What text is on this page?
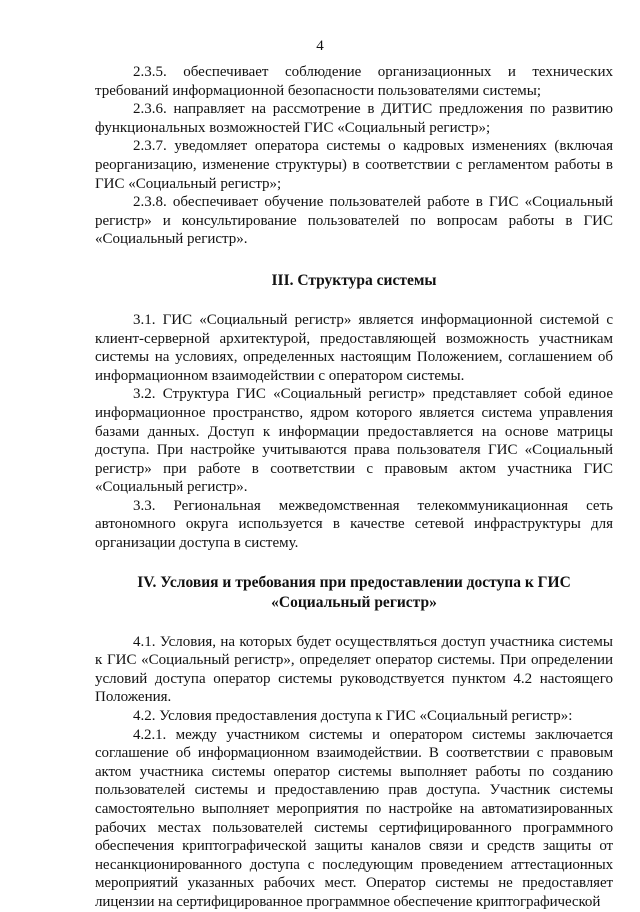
4

2.3.5. обеспечивает соблюдение организационных и технических требований информационной безопасности пользователями системы;

2.3.6. направляет на рассмотрение в ДИТИС предложения по развитию функциональных возможностей ГИС «Социальный регистр»;

2.3.7. уведомляет оператора системы о кадровых изменениях (включая реорганизацию, изменение структуры) в соответствии с регламентом работы в ГИС «Социальный регистр»;

2.3.8. обеспечивает обучение пользователей работе в ГИС «Социальный регистр» и консультирование пользователей по вопросам работы в ГИС «Социальный регистр».

III. Структура системы

3.1. ГИС «Социальный регистр» является информационной системой с клиент-серверной архитектурой, предоставляющей возможность участникам системы на условиях, определенных настоящим Положением, соглашением об информационном взаимодействии с оператором системы.

3.2. Структура ГИС «Социальный регистр» представляет собой единое информационное пространство, ядром которого является система управления базами данных. Доступ к информации предоставляется на основе матрицы доступа. При настройке учитываются права пользователя ГИС «Социальный регистр» при работе в соответствии с правовым актом участника ГИС «Социальный регистр».

3.3. Региональная межведомственная телекоммуникационная сеть автономного округа используется в качестве сетевой инфраструктуры для организации доступа в систему.

IV. Условия и требования при предоставлении доступа к ГИС

«Социальный регистр»

4.1. Условия, на которых будет осуществляться доступ участника системы к ГИС «Социальный регистр», определяет оператор системы. При определении условий доступа оператор системы руководствуется пунктом 4.2 настоящего Положения.

4.2. Условия предоставления доступа к ГИС «Социальный регистр»:

4.2.1. между участником системы и оператором системы заключается соглашение об информационном взаимодействии. В соответствии с правовым актом участника системы оператор системы выполняет работы по созданию пользователей системы и предоставлению прав доступа. Участник системы самостоятельно выполняет мероприятия по настройке на автоматизированных рабочих местах пользователей системы сертифицированного программного обеспечения криптографической защиты каналов связи и средств защиты от несанкционированного доступа с последующим проведением аттестационных мероприятий указанных рабочих мест. Оператор системы не предоставляет лицензии на сертифицированное программное обеспечение криптографической
